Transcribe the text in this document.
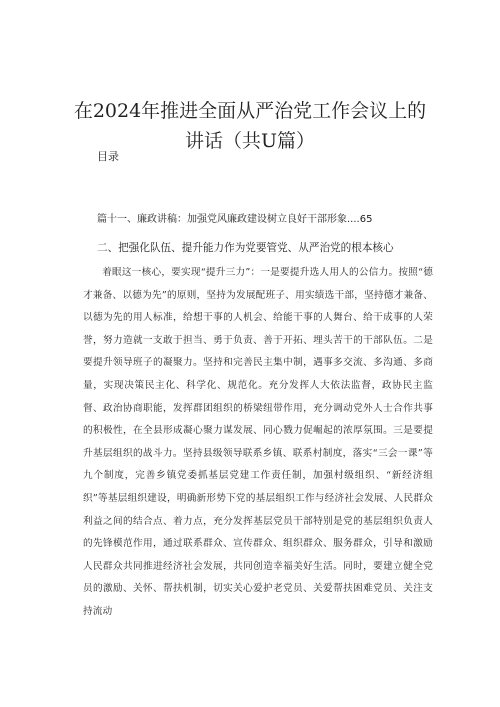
在2024年推进全面从严治党工作会议上的
讲话（共U篇）
目录
篇十一、廉政讲稿：加强党风廉政建设树立良好干部形象....65
二、把强化队伍、提升能力作为党要管党、从严治党的根本核心

着眼这一核心，要实现“提升三力”：一是要提升选人用人的公信力。按照“德才兼备、以德为先”的原则，坚持为发展配班子、用实绩选干部，坚持德才兼备、以德为先的用人标准，给想干事的人机会、给能干事的人舞台、给干成事的人荣誉，努力造就一支敢于担当、勇于负责、善于开拓、埋头苦干的干部队伍。二是要提升领导班子的凝聚力。坚持和完善民主集中制，遇事多交流、多沟通、多商量，实现决策民主化、科学化、规范化。充分发挥人大依法监督，政协民主监督、政治协商职能，发挥群团组织的桥梁纽带作用，充分调动党外人士合作共事的积极性，在全县形成凝心聚力谋发展、同心戮力促崛起的浓厚氛围。三是要提升基层组织的战斗力。坚持县级领导联系乡镇、联系村制度，落实“三会一课”等九个制度，完善乡镇党委抓基层党建工作责任制，加强村级组织、“新经济组织”等基层组织建设，明确新形势下党的基层组织工作与经济社会发展、人民群众利益之间的结合点、着力点，充分发挥基层党员干部特别是党的基层组织负责人的先锋模范作用，通过联系群众、宣传群众、组织群众、服务群众，引导和激励人民群众共同推进经济社会发展，共同创造幸福美好生活。同时，要建立健全党员的激励、关怀、帮扶机制，切实关心爱护老党员、关爱帮扶困难党员、关注支持流动
